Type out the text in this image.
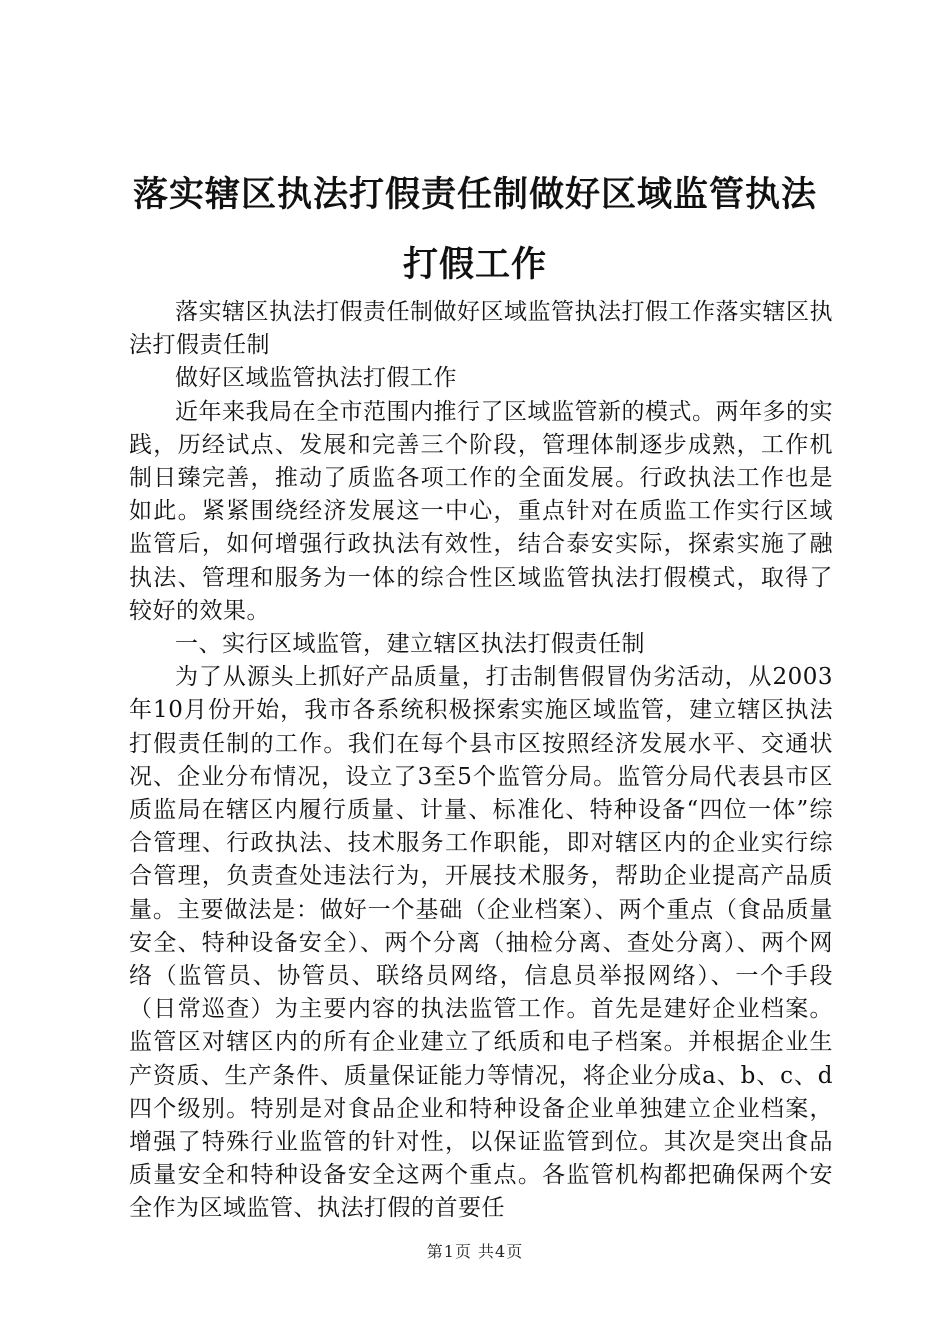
落实辖区执法打假责任制做好区域监管执法打假工作

落实辖区执法打假责任制做好区域监管执法打假工作落实辖区执法打假责任制

做好区域监管执法打假工作

近年来我局在全市范围内推行了区域监管新的模式。两年多的实践，历经试点、发展和完善三个阶段，管理体制逐步成熟，工作机制日臻完善，推动了质监各项工作的全面发展。行政执法工作也是如此。紧紧围绕经济发展这一中心，重点针对在质监工作实行区域监管后，如何增强行政执法有效性，结合泰安实际，探索实施了融执法、管理和服务为一体的综合性区域监管执法打假模式，取得了较好的效果。

一、实行区域监管，建立辖区执法打假责任制

为了从源头上抓好产品质量，打击制售假冒伪劣活动，从2003年10月份开始，我市各系统积极探索实施区域监管，建立辖区执法打假责任制的工作。我们在每个县市区按照经济发展水平、交通状况、企业分布情况，设立了3至5个监管分局。监管分局代表县市区质监局在辖区内履行质量、计量、标准化、特种设备“四位一体”综合管理、行政执法、技术服务工作职能，即对辖区内的企业实行综合管理，负责查处违法行为，开展技术服务，帮助企业提高产品质量。主要做法是：做好一个基础（企业档案）、两个重点（食品质量安全、特种设备安全）、两个分离（抽检分离、查处分离）、两个网络（监管员、协管员、联络员网络，信息员举报网络）、一个手段（日常巡查）为主要内容的执法监管工作。首先是建好企业档案。监管区对辖区内的所有企业建立了纸质和电子档案。并根据企业生产资质、生产条件、质量保证能力等情况，将企业分成a、b、c、d四个级别。特别是对食品企业和特种设备企业单独建立企业档案，增强了特殊行业监管的针对性，以保证监管到位。其次是突出食品质量安全和特种设备安全这两个重点。各监管机构都把确保两个安全作为区域监管、执法打假的首要任

第1页 共4页
